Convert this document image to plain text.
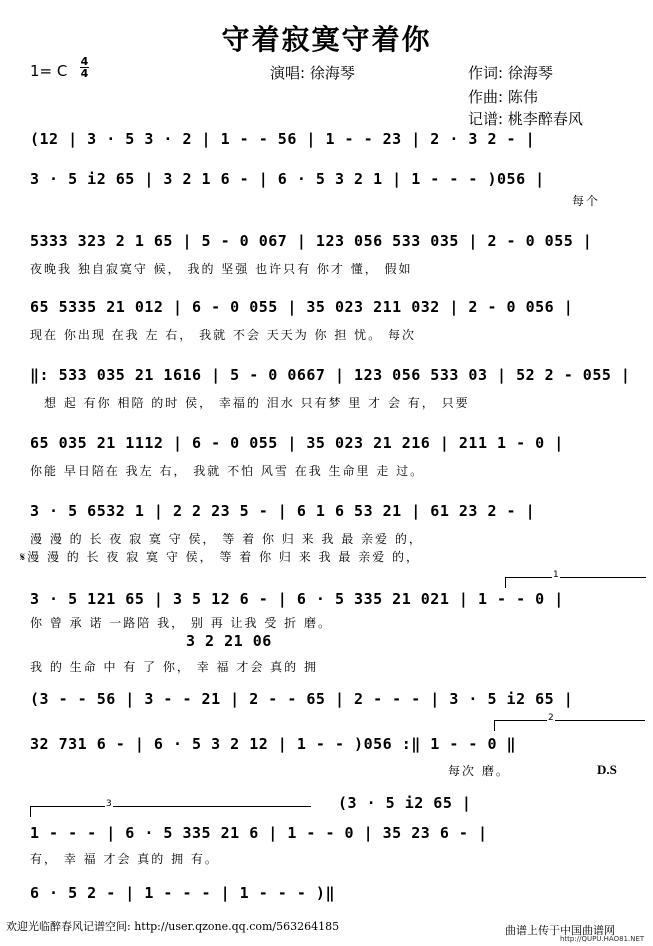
守着寂寞守着你
1= C
4
4	演唱: 徐海琴	作词: 徐海琴
作曲: 陈伟
记谱: 桃李醉春风
(12 | 3 · 5 3 · 2 | 1 - - 56 | 1 - - 23 | 2 · 3 2 - |
3 · 5 i2 65 | 3 2 1 6 - | 6 · 5 3 2 1 | 1 - - - )056 |
每个
5333 323 2 1 65 | 5 - 0 067 | 123 056 533 035 | 2 - 0 055 |
夜晚我 独自寂寞守 候， 我的 坚强 也许只有 你才 懂， 假如
65 5335 21 012 | 6 - 0 055 | 35 023 211 032 | 2 - 0 056 |
现在 你出现 在我 左 右， 我就 不会 天天为 你 担 忧。 每次
‖: 533 035 21 1616 | 5 - 0 0667 | 123 056 533 03 | 52 2 - 055 |
想 起 有你 相陪 的时 侯， 幸福的 泪水 只有梦 里 才 会 有， 只要
65 035 21 1112 | 6 - 0 055 | 35 023 21 216 | 211 1 - 0 |
你能 早日陪在 我左 右， 我就 不怕 风雪 在我 生命里 走 过。
3 · 5 6532 1 | 2 2 23 5 - | 6 1 6 53 21 | 61 23 2 - |
漫 漫 的 长 夜 寂 寞 守 侯， 等 着 你 归 来 我 最 亲爱 的，
𝄋漫 漫 的 长 夜 寂 寞 守 侯， 等 着 你 归 来 我 最 亲爱 的，
1
3 · 5 121 65 | 3 5 12 6 - | 6 · 5 335 21 021 | 1 - - 0 |
你 曾 承 诺 一路陪 我， 别 再 让我 受 折 磨。
3 2 21 06
我 的 生命 中 有 了 你， 幸 福 才会 真的 拥
(3 - - 56 | 3 - - 21 | 2 - - 65 | 2 - - - | 3 · 5 i2 65 |
2
32 731 6 - | 6 · 5 3 2 12 | 1 - - )056 :‖ 1 - - 0 ‖
每次 磨。	D.S
(3 · 5 i2 65 |
3
1 - - - | 6 · 5 335 21 6 | 1 - - 0 | 35 23 6 - |
有， 幸 福 才会 真的 拥 有。
6 · 5 2 - | 1 - - - | 1 - - - )‖
欢迎光临醉春风记谱空间: http://user.qzone.qq.com/563264185	曲谱上传于中国曲谱网
http://QUPU.HAO81.NET
